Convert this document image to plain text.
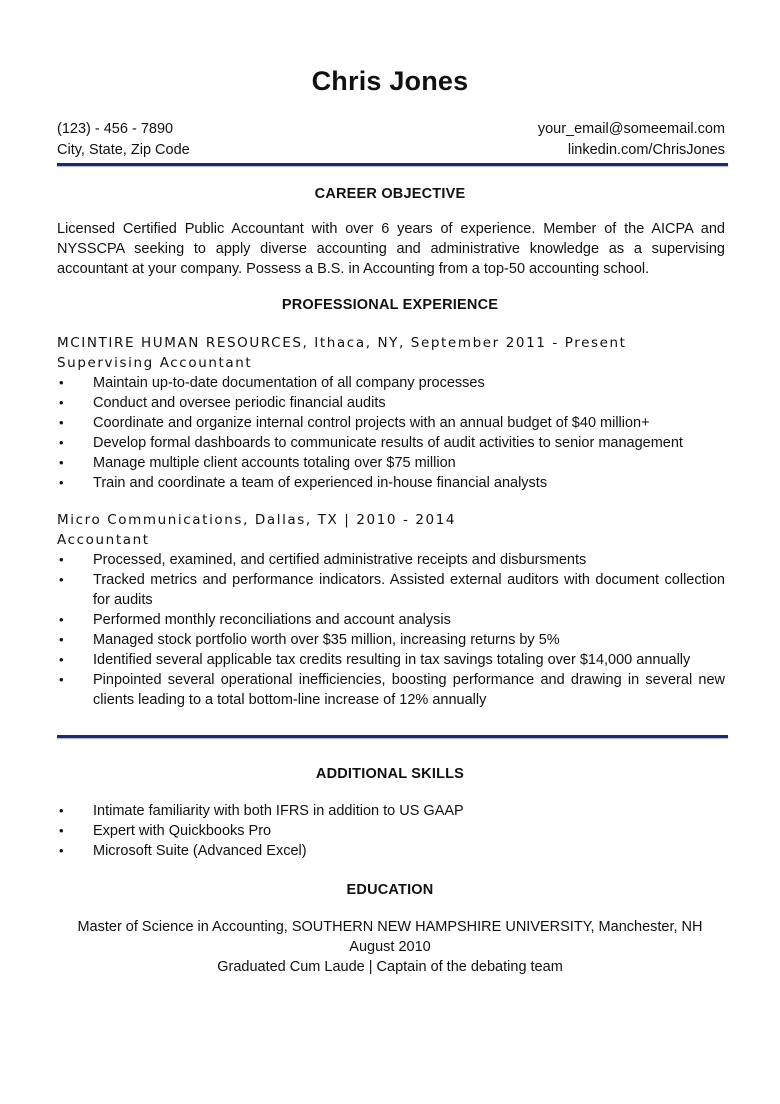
Chris Jones
(123) - 456 - 7890	your_email@someemail.com
City, State, Zip Code	linkedin.com/ChrisJones
CAREER OBJECTIVE
Licensed Certified Public Accountant with over 6 years of experience. Member of the AICPA and NYSSCPA seeking to apply diverse accounting and administrative knowledge as a supervising accountant at your company. Possess a B.S. in Accounting from a top-50 accounting school.
PROFESSIONAL EXPERIENCE
MCINTIRE HUMAN RESOURCES, Ithaca, NY, September 2011 - Present
Supervising Accountant
• Maintain up-to-date documentation of all company processes
• Conduct and oversee periodic financial audits
• Coordinate and organize internal control projects with an annual budget of $40 million+
• Develop formal dashboards to communicate results of audit activities to senior management
• Manage multiple client accounts totaling over $75 million
• Train and coordinate a team of experienced in-house financial analysts
Micro Communications, Dallas, TX | 2010 - 2014
Accountant
• Processed, examined, and certified administrative receipts and disbursments
• Tracked metrics and performance indicators. Assisted external auditors with document collection for audits
• Performed monthly reconciliations and account analysis
• Managed stock portfolio worth over $35 million, increasing returns by 5%
• Identified several applicable tax credits resulting in tax savings totaling over $14,000 annually
• Pinpointed several operational inefficiencies, boosting performance and drawing in several new clients leading to a total bottom-line increase of 12% annually
ADDITIONAL SKILLS
• Intimate familiarity with both IFRS in addition to US GAAP
• Expert with Quickbooks Pro
• Microsoft Suite (Advanced Excel)
EDUCATION
Master of Science in Accounting, SOUTHERN NEW HAMPSHIRE UNIVERSITY, Manchester, NH
August 2010
Graduated Cum Laude | Captain of the debating team
